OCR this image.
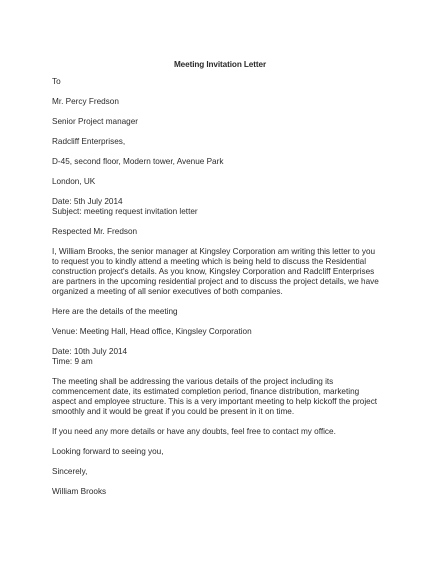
Meeting Invitation Letter
To
Mr. Percy Fredson
Senior Project manager
Radcliff Enterprises,
D-45, second floor, Modern tower, Avenue Park
London, UK
Date: 5th July 2014
Subject: meeting request invitation letter
Respected Mr. Fredson
I, William Brooks, the senior manager at Kingsley Corporation am writing this letter to you to request you to kindly attend a meeting which is being held to discuss the Residential construction project's details. As you know, Kingsley Corporation and Radcliff Enterprises are partners in the upcoming residential project and to discuss the project details, we have organized a meeting of all senior executives of both companies.
Here are the details of the meeting
Venue: Meeting Hall, Head office, Kingsley Corporation
Date: 10th July 2014
Time: 9 am
The meeting shall be addressing the various details of the project including its commencement date, its estimated completion period, finance distribution, marketing aspect and employee structure. This is a very important meeting to help kickoff the project smoothly and it would be great if you could be present in it on time.
If you need any more details or have any doubts, feel free to contact my office.
Looking forward to seeing you,
Sincerely,
William Brooks
